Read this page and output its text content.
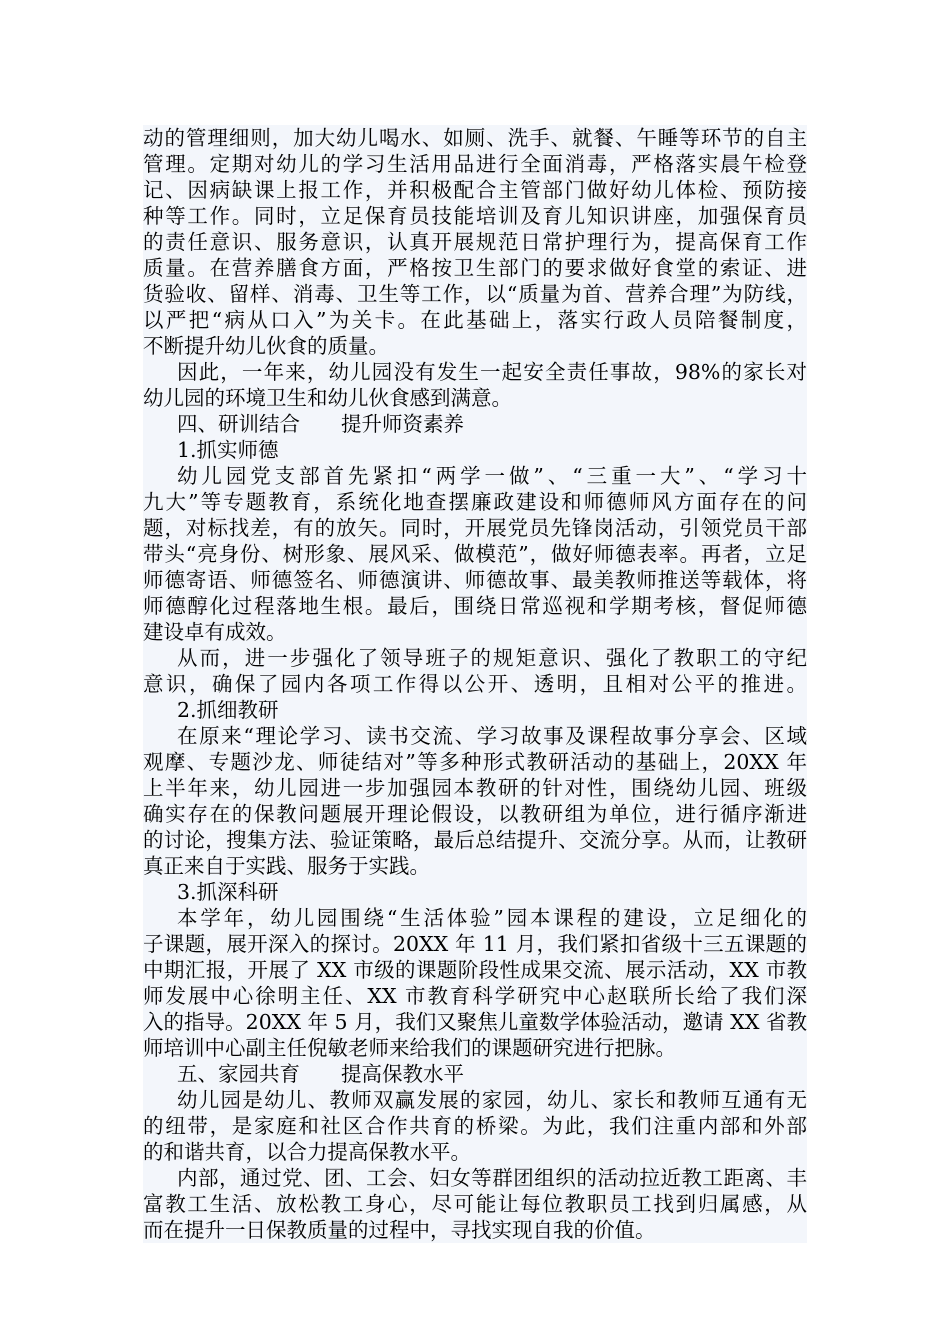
动的管理细则，加大幼儿喝水、如厕、洗手、就餐、午睡等环节的自主
管理。定期对幼儿的学习生活用品进行全面消毒，严格落实晨午检登
记、因病缺课上报工作，并积极配合主管部门做好幼儿体检、预防接
种等工作。同时，立足保育员技能培训及育儿知识讲座，加强保育员
的责任意识、服务意识，认真开展规范日常护理行为，提高保育工作
质量。在营养膳食方面，严格按卫生部门的要求做好食堂的索证、进
货验收、留样、消毒、卫生等工作，以“质量为首、营养合理”为防线，
以严把“病从口入”为关卡。在此基础上，落实行政人员陪餐制度，
不断提升幼儿伙食的质量。
因此，一年来，幼儿园没有发生一起安全责任事故，98%的家长对
幼儿园的环境卫生和幼儿伙食感到满意。
四、研训结合　　提升师资素养
1.抓实师德
幼儿园党支部首先紧扣“两学一做”、“三重一大”、“学习十
九大”等专题教育，系统化地查摆廉政建设和师德师风方面存在的问
题，对标找差，有的放矢。同时，开展党员先锋岗活动，引领党员干部
带头“亮身份、树形象、展风采、做模范”，做好师德表率。再者，立足
师德寄语、师德签名、师德演讲、师德故事、最美教师推送等载体，将
师德醇化过程落地生根。最后，围绕日常巡视和学期考核，督促师德
建设卓有成效。
从而，进一步强化了领导班子的规矩意识、强化了教职工的守纪
意识，确保了园内各项工作得以公开、透明，且相对公平的推进。
2.抓细教研
在原来“理论学习、读书交流、学习故事及课程故事分享会、区域
观摩、专题沙龙、师徒结对”等多种形式教研活动的基础上，20XX 年
上半年来，幼儿园进一步加强园本教研的针对性，围绕幼儿园、班级
确实存在的保教问题展开理论假设，以教研组为单位，进行循序渐进
的讨论，搜集方法、验证策略，最后总结提升、交流分享。从而，让教研
真正来自于实践、服务于实践。
3.抓深科研
本学年，幼儿园围绕“生活体验”园本课程的建设，立足细化的
子课题，展开深入的探讨。20XX 年 11 月，我们紧扣省级十三五课题的
中期汇报，开展了 XX 市级的课题阶段性成果交流、展示活动，XX 市教
师发展中心徐明主任、XX 市教育科学研究中心赵联所长给了我们深
入的指导。20XX 年 5 月，我们又聚焦儿童数学体验活动，邀请 XX 省教
师培训中心副主任倪敏老师来给我们的课题研究进行把脉。
五、家园共育　　提高保教水平
幼儿园是幼儿、教师双赢发展的家园，幼儿、家长和教师互通有无
的纽带，是家庭和社区合作共育的桥梁。为此，我们注重内部和外部
的和谐共育，以合力提高保教水平。
内部，通过党、团、工会、妇女等群团组织的活动拉近教工距离、丰
富教工生活、放松教工身心，尽可能让每位教职员工找到归属感，从
而在提升一日保教质量的过程中，寻找实现自我的价值。
